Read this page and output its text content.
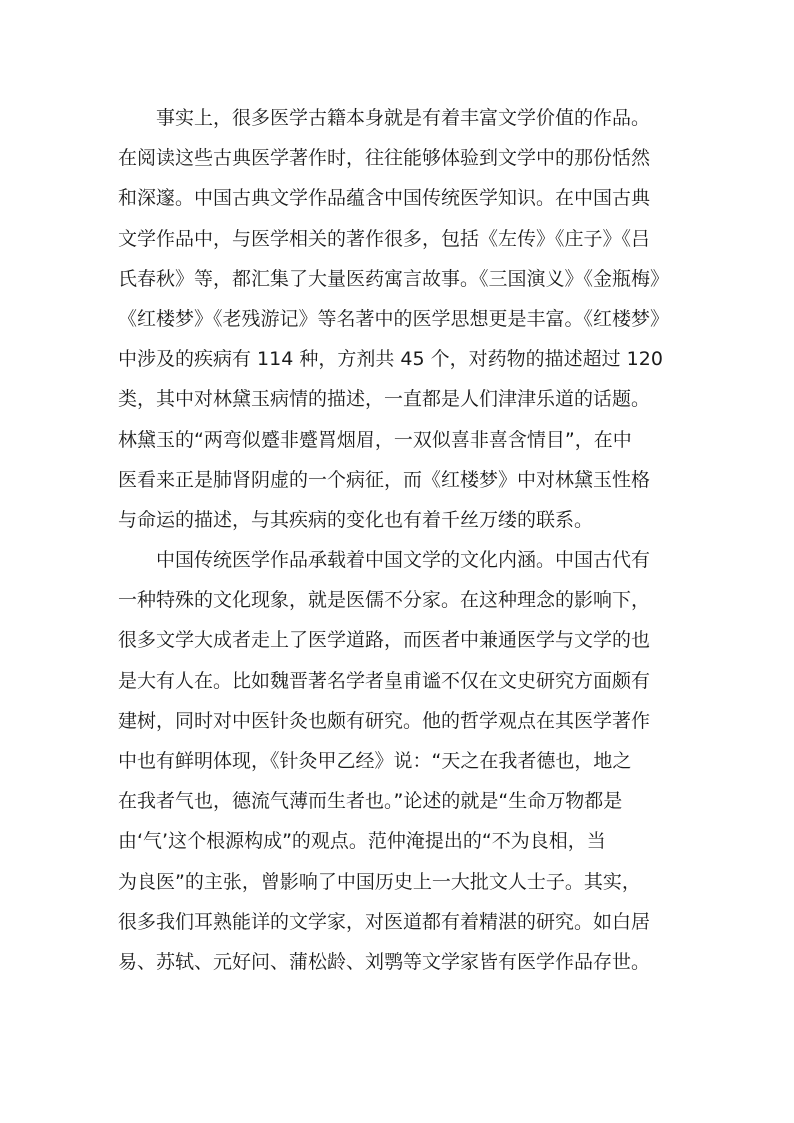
事实上，很多医学古籍本身就是有着丰富文学价值的作品。
在阅读这些古典医学著作时，往往能够体验到文学中的那份恬然
和深邃。中国古典文学作品蕴含中国传统医学知识。在中国古典
文学作品中，与医学相关的著作很多，包括《左传》《庄子》《吕
氏春秋》等，都汇集了大量医药寓言故事。《三国演义》《金瓶梅》
《红楼梦》《老残游记》等名著中的医学思想更是丰富。《红楼梦》
中涉及的疾病有 114 种，方剂共 45 个，对药物的描述超过 120
类，其中对林黛玉病情的描述，一直都是人们津津乐道的话题。
林黛玉的“两弯似蹙非蹙罥烟眉，一双似喜非喜含情目”，在中
医看来正是肺肾阴虚的一个病征，而《红楼梦》中对林黛玉性格
与命运的描述，与其疾病的变化也有着千丝万缕的联系。
中国传统医学作品承载着中国文学的文化内涵。中国古代有
一种特殊的文化现象，就是医儒不分家。在这种理念的影响下，
很多文学大成者走上了医学道路，而医者中兼通医学与文学的也
是大有人在。比如魏晋著名学者皇甫谧不仅在文史研究方面颇有
建树，同时对中医针灸也颇有研究。他的哲学观点在其医学著作
中也有鲜明体现，《针灸甲乙经》说：“天之在我者德也，地之
在我者气也，德流气薄而生者也。”论述的就是“生命万物都是
由‘气’这个根源构成”的观点。范仲淹提出的“不为良相，当
为良医”的主张，曾影响了中国历史上一大批文人士子。其实，
很多我们耳熟能详的文学家，对医道都有着精湛的研究。如白居
易、苏轼、元好问、蒲松龄、刘鹗等文学家皆有医学作品存世。
